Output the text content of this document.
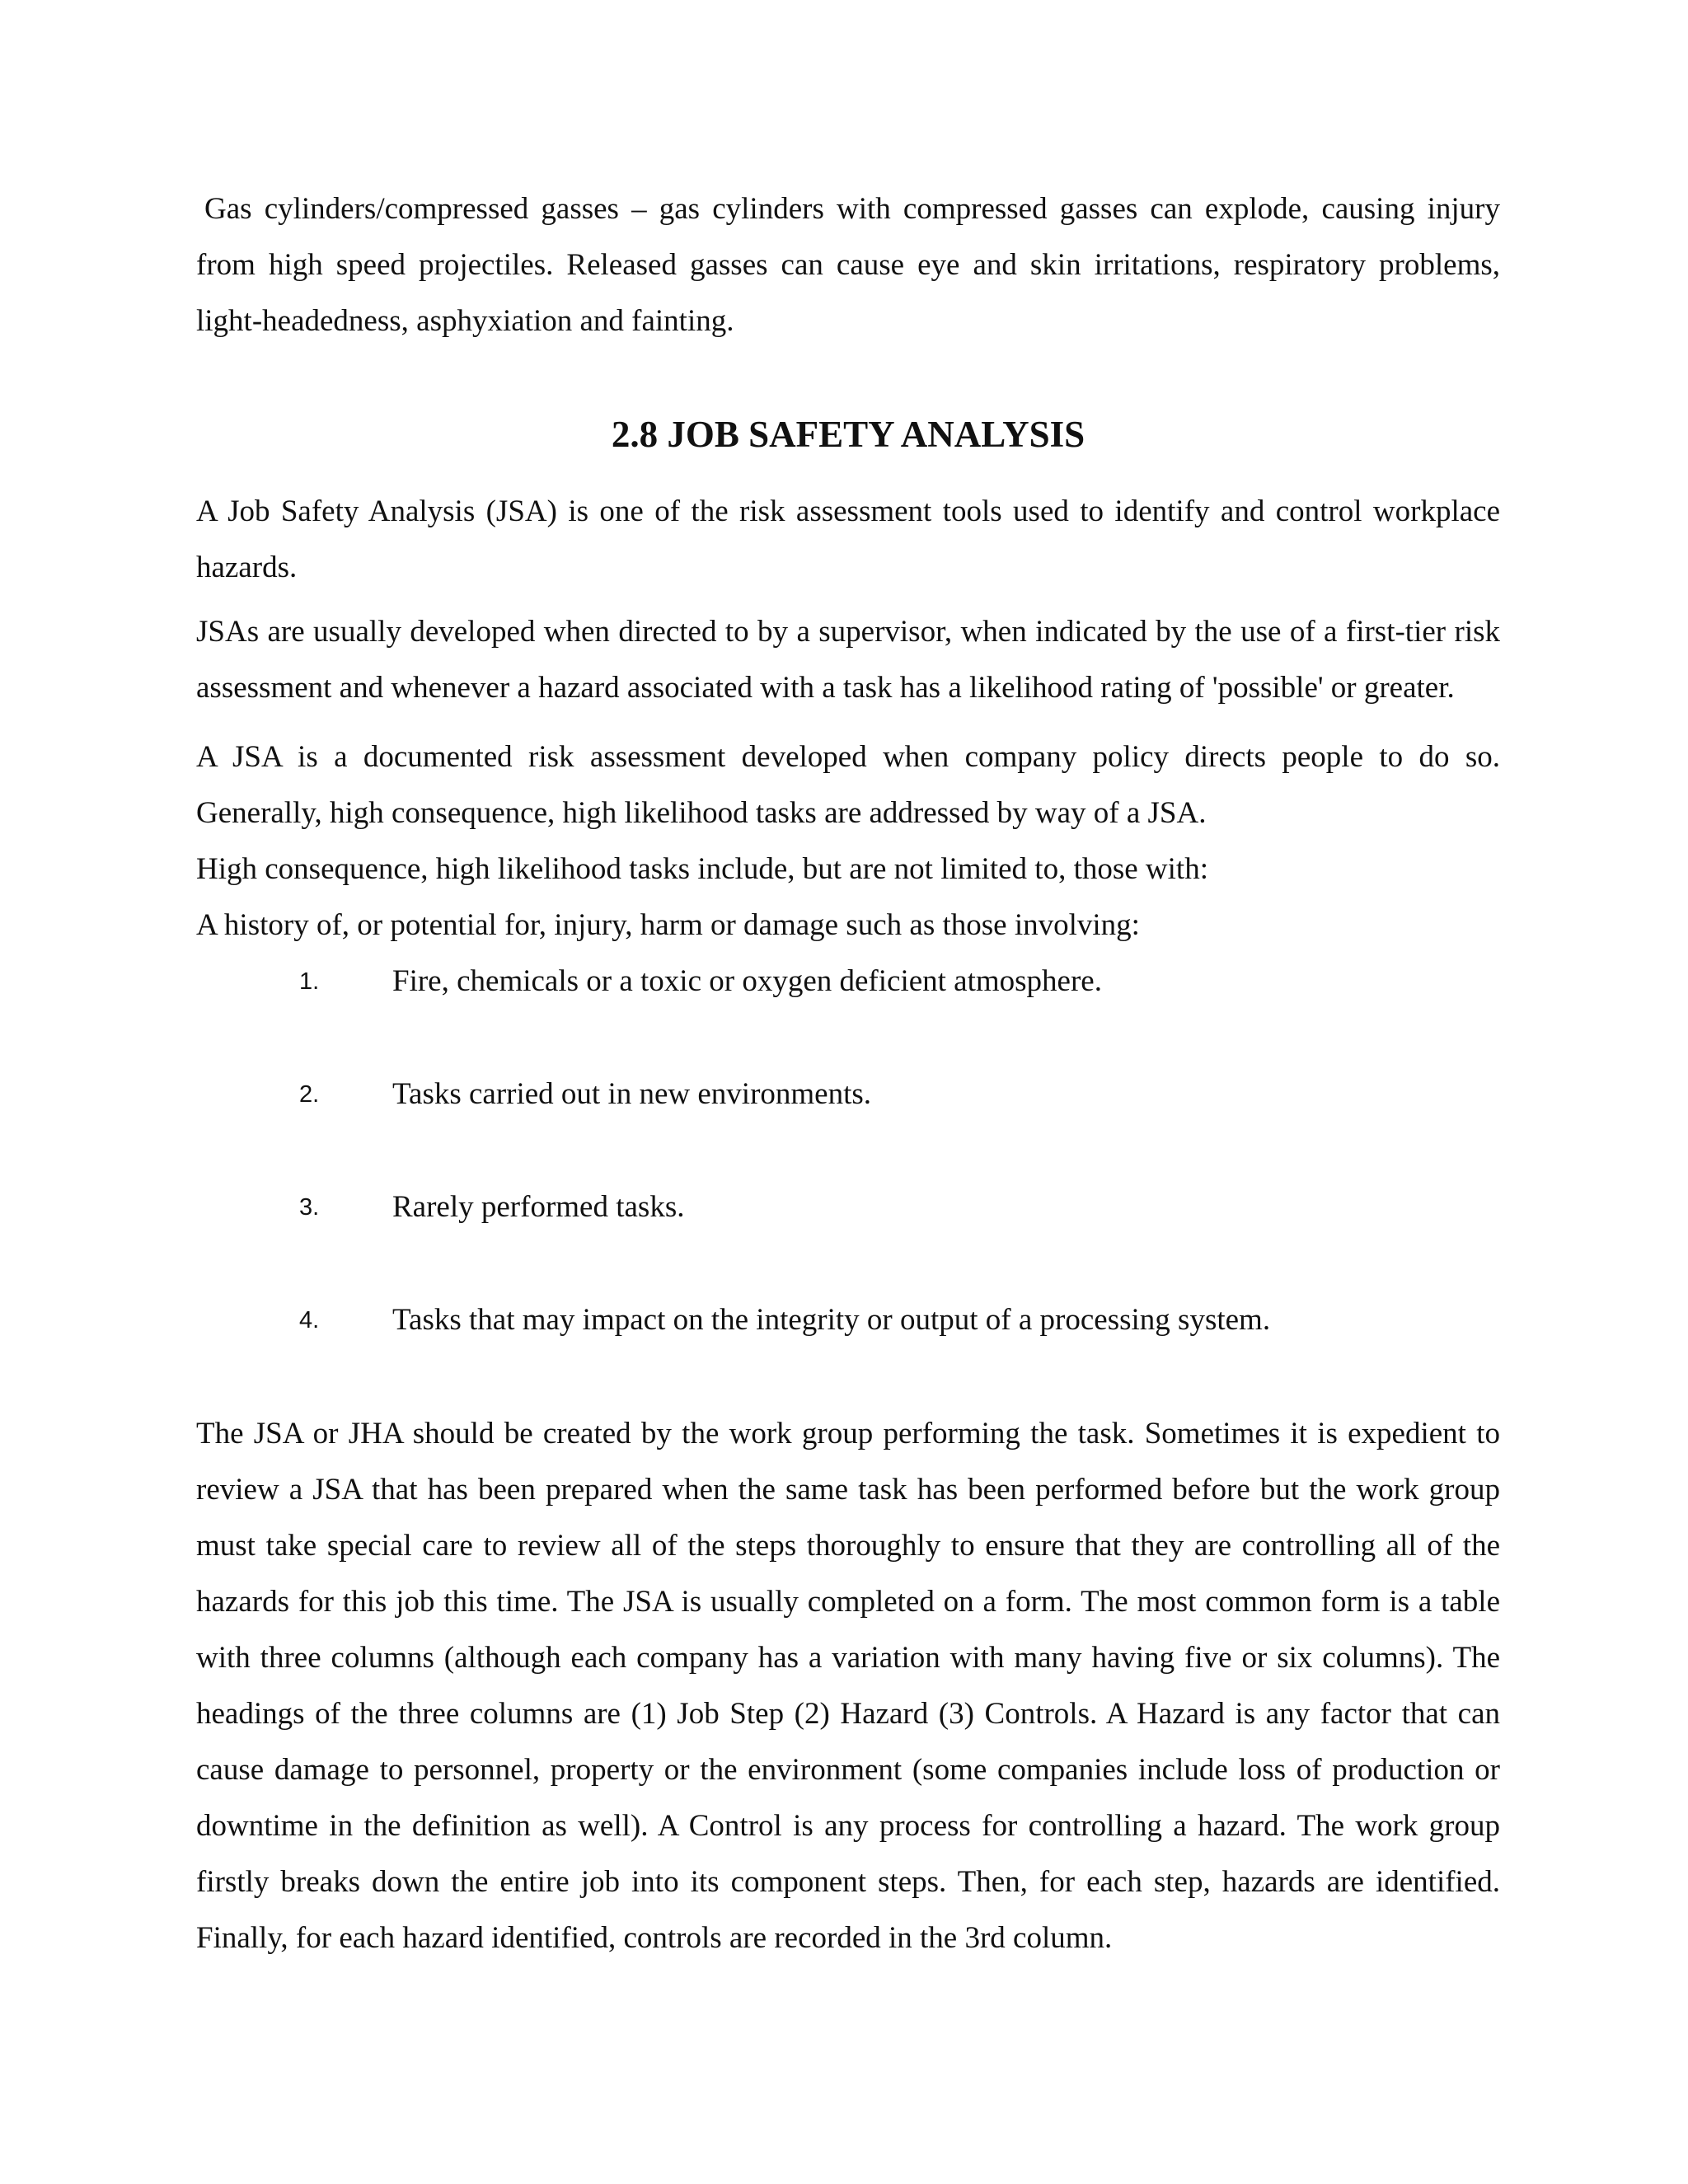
Gas cylinders/compressed gasses – gas cylinders with compressed gasses can explode, causing injury from high speed projectiles. Released gasses can cause eye and skin irritations, respiratory problems, light-headedness, asphyxiation and fainting.

2.8 JOB SAFETY ANALYSIS

A Job Safety Analysis (JSA) is one of the risk assessment tools used to identify and control workplace hazards.

JSAs are usually developed when directed to by a supervisor, when indicated by the use of a first-tier risk assessment and whenever a hazard associated with a task has a likelihood rating of 'possible' or greater.

A JSA is a documented risk assessment developed when company policy directs people to do so. Generally, high consequence, high likelihood tasks are addressed by way of a JSA.

High consequence, high likelihood tasks include, but are not limited to, those with:

A history of, or potential for, injury, harm or damage such as those involving:

1. Fire, chemicals or a toxic or oxygen deficient atmosphere.
2. Tasks carried out in new environments.
3. Rarely performed tasks.
4. Tasks that may impact on the integrity or output of a processing system.

The JSA or JHA should be created by the work group performing the task. Sometimes it is expedient to review a JSA that has been prepared when the same task has been performed before but the work group must take special care to review all of the steps thoroughly to ensure that they are controlling all of the hazards for this job this time. The JSA is usually completed on a form. The most common form is a table with three columns (although each company has a variation with many having five or six columns). The headings of the three columns are (1) Job Step (2) Hazard (3) Controls. A Hazard is any factor that can cause damage to personnel, property or the environment (some companies include loss of production or downtime in the definition as well). A Control is any process for controlling a hazard. The work group firstly breaks down the entire job into its component steps. Then, for each step, hazards are identified. Finally, for each hazard identified, controls are recorded in the 3rd column.
